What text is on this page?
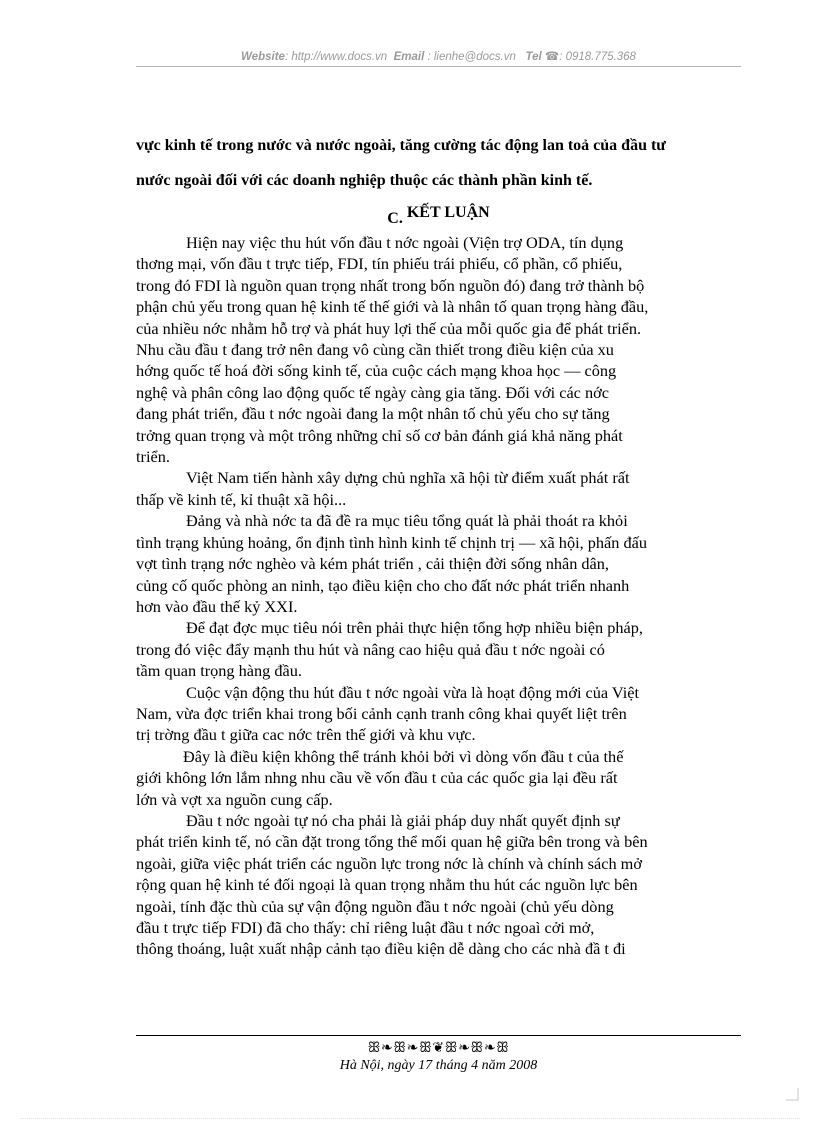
Website: http://www.docs.vn Email : lienhe@docs.vn Tel ☎: 0918.775.368
vực kinh tế trong nước và nước ngoài, tăng cường tác động lan toả của đầu tư
nước ngoài đối với các doanh nghiệp thuộc các thành phần kinh tế.
C. KẾT LUẬN
Hiện nay việc thu hút vốn đầu t nớc ngoài (Viện trợ ODA, tín dụng
thơng mại, vốn đầu t trực tiếp, FDI, tín phiếu trái phiếu, cổ phần, cổ phiếu,
trong đó FDI là nguồn quan trọng nhất trong bốn nguồn đó) đang trở thành bộ
phận chủ yếu trong quan hệ kinh tế thế giới và là nhân tố quan trọng hàng đầu,
của nhiều nớc nhằm hỗ trợ và phát huy lợi thế của mỗi quốc gia để phát triển.
Nhu cầu đầu t đang trở nên đang vô cùng cần thiết trong điều kiện của xu
hớng quốc tế hoá đời sống kinh tế, của cuộc cách mạng khoa học — công
nghệ và phân công lao động quốc tế ngày càng gia tăng. Đối với các nớc
đang phát triển, đầu t nớc ngoài đang la một nhân tố chủ yếu cho sự tăng
trởng quan trọng và một trông những chỉ số cơ bản đánh giá khả năng phát
triển.
Việt Nam tiến hành xây dựng chủ nghĩa xã hội từ điểm xuất phát rất
thấp về kinh tế, kỉ thuật xã hội...
Đảng và nhà nớc ta đã đề ra mục tiêu tổng quát là phải thoát ra khỏi
tình trạng khủng hoảng, ổn định tình hình kinh tế chịnh trị — xã hội, phấn đấu
vợt tình trạng nớc nghèo và kém phát triển , cải thiện đời sống nhân dân,
củng cố quốc phòng an ninh, tạo điều kiện cho cho đất nớc phát triển nhanh
hơn vào đầu thế kỷ XXI.
Để đạt đợc mục tiêu nói trên phải thực hiện tổng hợp nhiều biện pháp,
trong đó việc đẩy mạnh thu hút và nâng cao hiệu quả đầu t nớc ngoài có
tầm quan trọng hàng đầu.
Cuộc vận động thu hút đầu t nớc ngoài vừa là hoạt động mới của Việt
Nam, vừa đợc triển khai trong bối cảnh cạnh tranh công khai quyết liệt trên
trị trờng đầu t giữa cac nớc trên thế giới và khu vực.
Đây là điều kiện không thể tránh khỏi bởi vì dòng vốn đầu t của thế
giới không lớn lắm nhng nhu cầu về vốn đầu t của các quốc gia lại đều rất
lớn và vợt xa nguồn cung cấp.
Đầu t nớc ngoài tự nó cha phải là giải pháp duy nhất quyết định sự
phát triển kinh tế, nó cần đặt trong tổng thể mối quan hệ giữa bên trong và bên
ngoài, giữa việc phát triển các nguồn lực trong nớc là chính và chính sách mở
rộng quan hệ kinh té đối ngoại là quan trọng nhằm thu hút các nguồn lực bên
ngoài, tính đặc thù của sự vận động nguồn đầu t nớc ngoài (chủ yếu dòng
đầu t trực tiếp FDI) đã cho thấy: chỉ riêng luật đầu t nớc ngoaì cởi mở,
thông thoáng, luật xuất nhập cảnh tạo điều kiện dễ dàng cho các nhà đầ t đi
ꕥ❧ꕥ❧ꕥ❦ꕥ❧ꕥ❧ꕥ
Hà Nội, ngày 17 tháng 4 năm 2008
